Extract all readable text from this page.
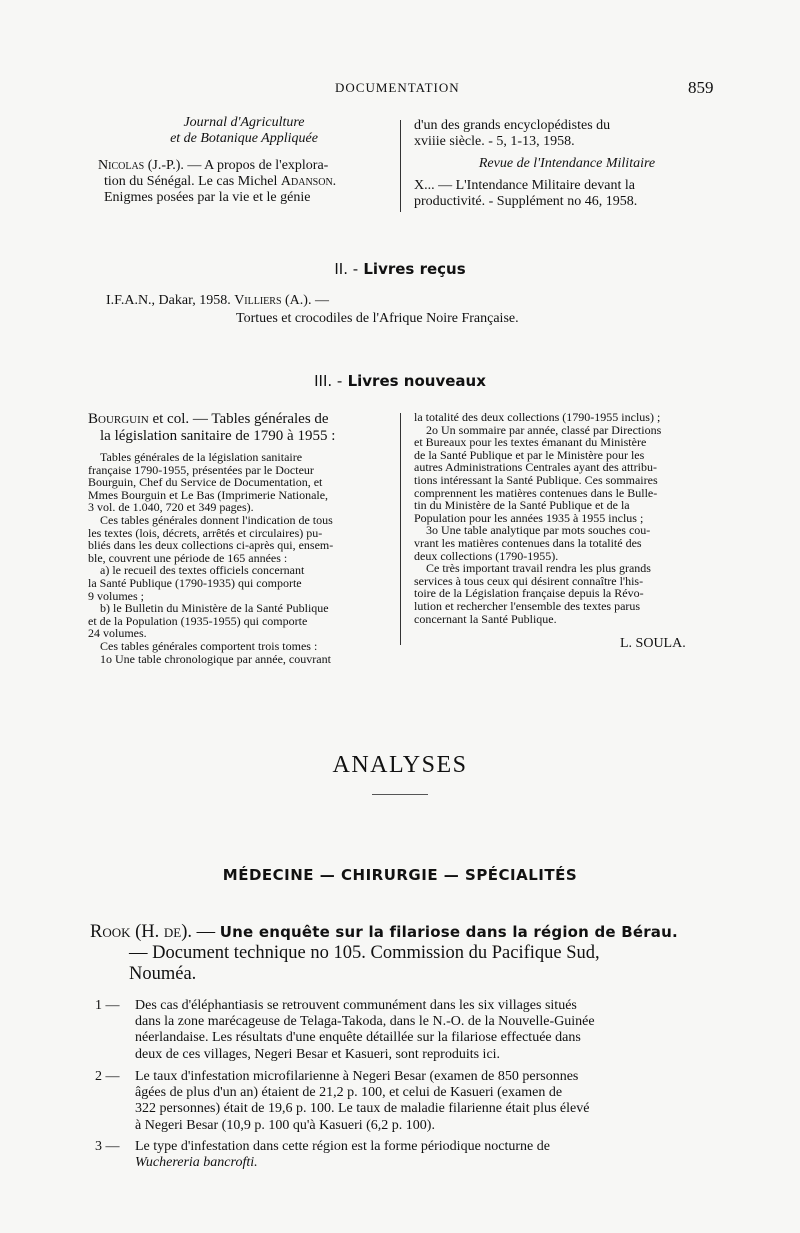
DOCUMENTATION	859
Journal d'Agriculture
et de Botanique Appliquée
Nicolas (J.-P.). — A propos de l'explora-
tion du Sénégal. Le cas Michel Adanson.
Enigmes posées par la vie et le génie
d'un des grands encyclopédistes du
xviiie siècle. - 5, 1-13, 1958.
Revue de l'Intendance Militaire
X... — L'Intendance Militaire devant la
productivité. - Supplément no 46, 1958.
II. - Livres reçus
I.F.A.N., Dakar, 1958. Villiers (A.). —
Tortues et crocodiles de l'Afrique Noire Française.
III. - Livres nouveaux
Bourguin et col. — Tables générales de
la législation sanitaire de 1790 à 1955 :
Tables générales de la législation sanitaire
française 1790-1955, présentées par le Docteur
Bourguin, Chef du Service de Documentation, et
Mmes Bourguin et Le Bas (Imprimerie Nationale,
3 vol. de 1.040, 720 et 349 pages).
Ces tables générales donnent l'indication de tous
les textes (lois, décrets, arrêtés et circulaires) pu-
bliés dans les deux collections ci-après qui, ensem-
ble, couvrent une période de 165 années :
a) le recueil des textes officiels concernant
la Santé Publique (1790-1935) qui comporte
9 volumes ;
b) le Bulletin du Ministère de la Santé Publique
et de la Population (1935-1955) qui comporte
24 volumes.
Ces tables générales comportent trois tomes :
1o Une table chronologique par année, couvrant
la totalité des deux collections (1790-1955 inclus) ;
2o Un sommaire par année, classé par Directions
et Bureaux pour les textes émanant du Ministère
de la Santé Publique et par le Ministère pour les
autres Administrations Centrales ayant des attribu-
tions intéressant la Santé Publique. Ces sommaires
comprennent les matières contenues dans le Bulle-
tin du Ministère de la Santé Publique et de la
Population pour les années 1935 à 1955 inclus ;
3o Une table analytique par mots souches cou-
vrant les matières contenues dans la totalité des
deux collections (1790-1955).
Ce très important travail rendra les plus grands
services à tous ceux qui désirent connaître l'his-
toire de la Législation française depuis la Révo-
lution et rechercher l'ensemble des textes parus
concernant la Santé Publique.
L. SOULA.
ANALYSES
MÉDECINE — CHIRURGIE — SPÉCIALITÉS
Rook (H. de). — Une enquête sur la filariose dans la région de Bérau.
— Document technique no 105. Commission du Pacifique Sud,
Nouméa.
1 —	Des cas d'éléphantiasis se retrouvent communément dans les six villages situés
dans la zone marécageuse de Telaga-Takoda, dans le N.-O. de la Nouvelle-Guinée
néerlandaise. Les résultats d'une enquête détaillée sur la filariose effectuée dans
deux de ces villages, Negeri Besar et Kasueri, sont reproduits ici.
2 —	Le taux d'infestation microfilarienne à Negeri Besar (examen de 850 personnes
âgées de plus d'un an) étaient de 21,2 p. 100, et celui de Kasueri (examen de
322 personnes) était de 19,6 p. 100. Le taux de maladie filarienne était plus élevé
à Negeri Besar (10,9 p. 100 qu'à Kasueri (6,2 p. 100).
3 —	Le type d'infestation dans cette région est la forme périodique nocturne de
Wuchereria bancrofti.
